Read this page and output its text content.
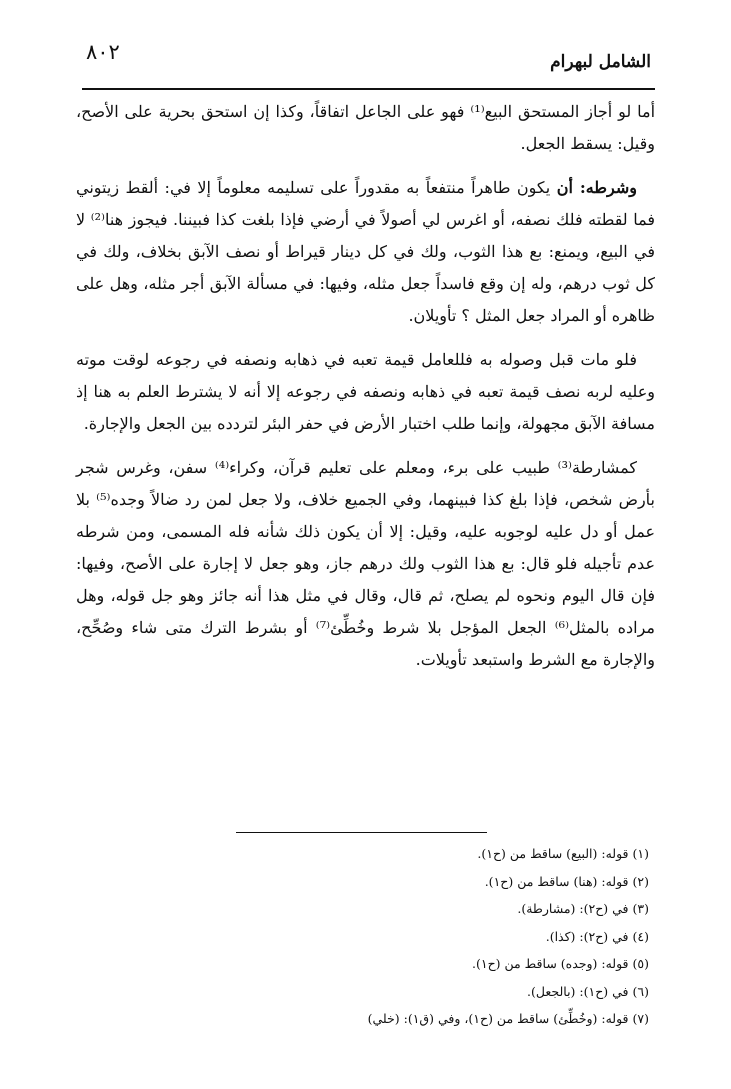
٨٠٢	الشامل لبهرام

أما لو أجاز المستحق البيع⁽¹⁾ فهو على الجاعل اتفاقاً، وكذا إن استحق بحرية على الأصح، وقيل: يسقط الجعل.

وشرطه: أن يكون طاهراً منتفعاً به مقدوراً على تسليمه معلوماً إلا في: ألقط زيتوني فما لقطته فلك نصفه، أو اغرس لي أصولاً في أرضي فإذا بلغت كذا فبيننا. فيجوز هنا⁽²⁾ لا في البيع، ويمنع: بع هذا الثوب، ولك في كل دينار قيراط أو نصف الآبق بخلاف، ولك في كل ثوب درهم، وله إن وقع فاسداً جعل مثله، وفيها: في مسألة الآبق أجر مثله، وهل على ظاهره أو المراد جعل المثل ؟ تأويلان.

فلو مات قبل وصوله به فللعامل قيمة تعبه في ذهابه ونصفه في رجوعه لوقت موته وعليه لربه نصف قيمة تعبه في ذهابه ونصفه في رجوعه إلا أنه لا يشترط العلم به هنا إذ مسافة الآبق مجهولة، وإنما طلب اختبار الأرض في حفر البئر لتردده بين الجعل والإجارة.

كمشارطة⁽³⁾ طبيب على برء، ومعلم على تعليم قرآن، وكراء⁽⁴⁾ سفن، وغرس شجر بأرض شخص، فإذا بلغ كذا فبينهما، وفي الجميع خلاف، ولا جعل لمن رد ضالاً وجده⁽⁵⁾ بلا عمل أو دل عليه لوجوبه عليه، وقيل: إلا أن يكون ذلك شأنه فله المسمى، ومن شرطه عدم تأجيله فلو قال: بع هذا الثوب ولك درهم جاز، وهو جعل لا إجارة على الأصح، وفيها: فإن قال اليوم ونحوه لم يصلح، ثم قال، وقال في مثل هذا أنه جائز وهو جل قوله، وهل مراده بالمثل⁽⁶⁾ الجعل المؤجل بلا شرط وخُطِّئ⁽⁷⁾ أو بشرط الترك متى شاء وصُحِّح، والإجارة مع الشرط واستبعد تأويلات.

(١) قوله: (البيع) ساقط من (ح١).

(٢) قوله: (هنا) ساقط من (ح١).

(٣) في (ح٢): (مشارطة).

(٤) في (ح٢): (كذا).

(٥) قوله: (وجده) ساقط من (ح١).

(٦) في (ح١): (بالجعل).

(٧) قوله: (وخُطِّئ) ساقط من (ح١)، وفي (ق١): (خلي)
